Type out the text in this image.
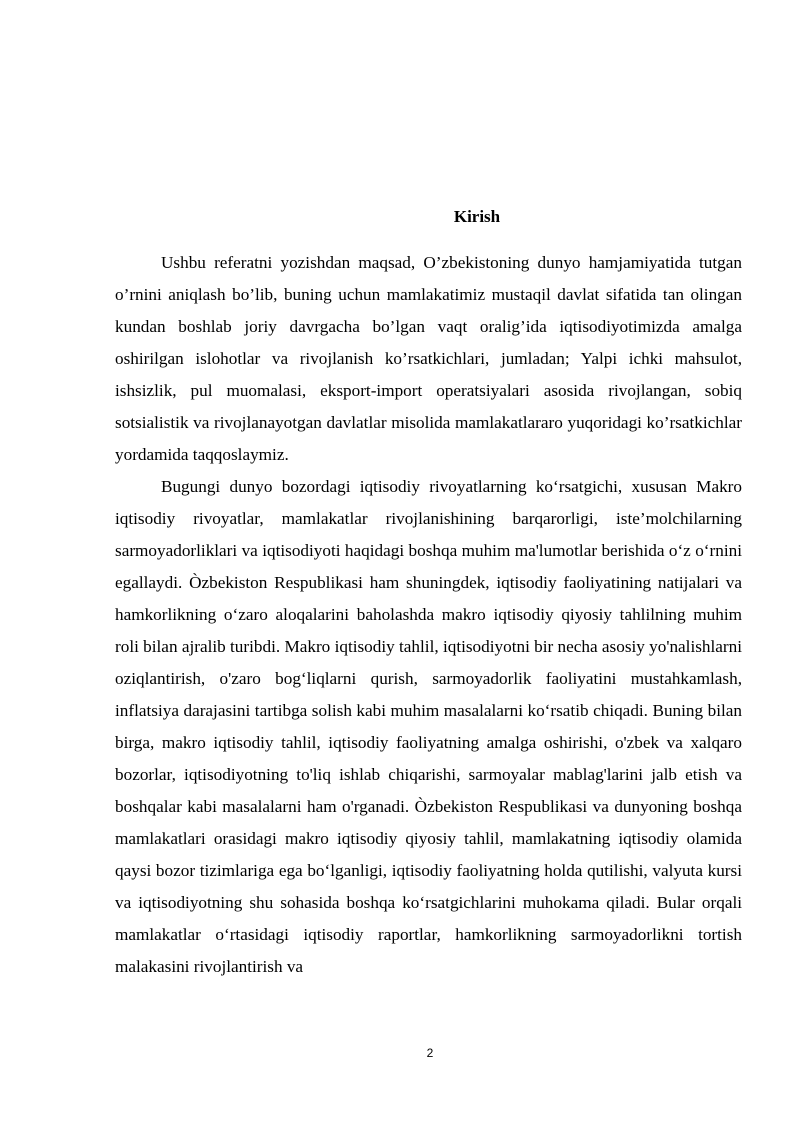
Kirish

Ushbu referatni yozishdan maqsad, O’zbekistoning dunyo hamjamiyatida tutgan o’rnini aniqlash bo’lib, buning uchun mamlakatimiz mustaqil davlat sifatida tan olingan kundan boshlab joriy davrgacha bo’lgan vaqt oralig’ida iqtisodiyotimizda amalga oshirilgan islohotlar va rivojlanish ko’rsatkichlari, jumladan; Yalpi ichki mahsulot, ishsizlik, pul muomalasi, eksport-import operatsiyalari asosida rivojlangan, sobiq sotsialistik va rivojlanayotgan davlatlar misolida mamlakatlararo yuqoridagi ko’rsatkichlar yordamida taqqoslaymiz.

Bugungi dunyo bozordagi iqtisodiy rivoyatlarning ko‘rsatgichi, xususan Makro iqtisodiy rivoyatlar, mamlakatlar rivojlanishining barqarorligi, iste’molchilarning sarmoyadorliklari va iqtisodiyoti haqidagi boshqa muhim ma'lumotlar berishida o‘z o‘rnini egallaydi. Òzbekiston Respublikasi ham shuningdek, iqtisodiy faoliyatining natijalari va hamkorlikning o‘zaro aloqalarini baholashda makro iqtisodiy qiyosiy tahlilning muhim roli bilan ajralib turibdi. Makro iqtisodiy tahlil, iqtisodiyotni bir necha asosiy yo'nalishlarni oziqlantirish, o'zaro bog‘liqlarni qurish, sarmoyadorlik faoliyatini mustahkamlash, inflatsiya darajasini tartibga solish kabi muhim masalalarni ko‘rsatib chiqadi. Buning bilan birga, makro iqtisodiy tahlil, iqtisodiy faoliyatning amalga oshirishi, o'zbek va xalqaro bozorlar, iqtisodiyotning to'liq ishlab chiqarishi, sarmoyalar mablag'larini jalb etish va boshqalar kabi masalalarni ham o'rganadi. Òzbekiston Respublikasi va dunyoning boshqa mamlakatlari orasidagi makro iqtisodiy qiyosiy tahlil, mamlakatning iqtisodiy olamida qaysi bozor tizimlariga ega bo‘lganligi, iqtisodiy faoliyatning holda qutilishi, valyuta kursi va iqtisodiyotning shu sohasida boshqa ko‘rsatgichlarini muhokama qiladi. Bular orqali mamlakatlar o‘rtasidagi iqtisodiy raportlar, hamkorlikning sarmoyadorlikni tortish malakasini rivojlantirish va

2
